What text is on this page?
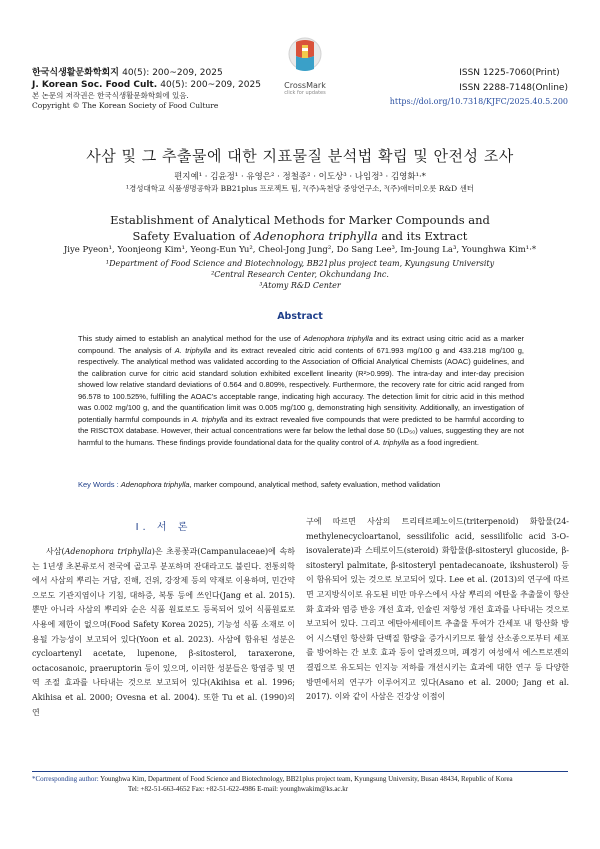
한국식생활문화학회지 40(5): 200~209, 2025
J. Korean Soc. Food Cult. 40(5): 200~209, 2025
본 논문의 저작권은 한국식생활문화학회에 있음.
Copyright © The Korean Society of Food Culture
CrossMark
click for updates
ISSN 1225-7060(Print)
ISSN 2288-7148(Online)
https://doi.org/10.7318/KJFC/2025.40.5.200
사삼 및 그 추출물에 대한 지표물질 분석법 확립 및 안전성 조사
편지예¹ · 김윤정¹ · 유영은² · 정철종² · 이도상³ · 나임정³ · 김영화¹·*
¹경성대학교 식품생명공학과 BB21plus 프로젝트 팀, ²(주)옥천당 중앙연구소, ³(주)애터미오롯 R&D 센터
Establishment of Analytical Methods for Marker Compounds and
Safety Evaluation of Adenophora triphylla and its Extract
Jiye Pyeon¹, Yoonjeong Kim¹, Yeong-Eun Yu², Cheol-Jong Jung², Do Sang Lee³, Im-Joung La³, Younghwa Kim¹·*
¹Department of Food Science and Biotechnology, BB21plus project team, Kyungsung University
²Central Research Center, Okchundang Inc.
³Atomy R&D Center
Abstract
This study aimed to establish an analytical method for the use of Adenophora triphylla and its extract using citric acid as a marker compound. The analysis of A. triphylla and its extract revealed citric acid contents of 671.993 mg/100 g and 433.218 mg/100 g, respectively. The analytical method was validated according to the Association of Official Analytical Chemists (AOAC) guidelines, and the calibration curve for citric acid standard solution exhibited excellent linearity (R²>0.999). The intra-day and inter-day precision showed low relative standard deviations of 0.564 and 0.809%, respectively. Furthermore, the recovery rate for citric acid ranged from 96.578 to 100.525%, fulfilling the AOAC's acceptable range, indicating high accuracy. The detection limit for citric acid in this method was 0.002 mg/100 g, and the quantification limit was 0.005 mg/100 g, demonstrating high sensitivity. Additionally, an investigation of potentially harmful compounds in A. triphylla and its extract revealed five compounds that were predicted to be harmful according to the RISCTOX database. However, their actual concentrations were far below the lethal dose 50 (LD₅₀) values, suggesting they are not harmful to the humans. These findings provide foundational data for the quality control of A. triphylla as a food ingredient.
Key Words : Adenophora triphylla, marker compound, analytical method, safety evaluation, method validation
I. 서 론

사삼(Adenophora triphylla)은 초롱꽃과(Campanulaceae)에 속하는 1년생 초본류로서 전국에 골고루 분포하며 잔대라고도 불린다. 전통의학에서 사삼의 뿌리는 거담, 진해, 건위, 강장제 등의 약재로 이용하며, 민간약으로도 기관지염이나 기침, 대하증, 복통 등에 쓰인다(Jang et al. 2015). 뿐만 아니라 사삼의 뿌리와 순은 식품 원료로도 등록되어 있어 식품원료로 사용에 제한이 없으며(Food Safety Korea 2025), 기능성 식품 소재로 이용될 가능성이 보고되어 있다(Yoon et al. 2023). 사삼에 함유된 성분은 cycloartenyl acetate, lupenone, β-sitosterol, taraxerone, octacosanoic, praeruptorin 등이 있으며, 이러한 성분들은 항염증 및 면역 조절 효과를 나타내는 것으로 보고되어 있다(Akihisa et al. 1996; Akihisa et al. 2000; Ovesna et al. 2004). 또한 Tu et al. (1990)의 연

구에 따르면 사삼의 트리테르페노이드(triterpenoid) 화합물(24-methylenecycloartanol, sessilifolic acid, sessilifolic acid 3-O-isovalerate)과 스테로이드(steroid) 화합물(β-sitosteryl glucoside, β-sitosteryl palmitate, β-sitosteryl pentadecanoate, ikshusterol) 등이 함유되어 있는 것으로 보고되어 있다. Lee et al. (2013)의 연구에 따르면 고지방식이로 유도된 비만 마우스에서 사삼 뿌리의 에탄올 추출물이 항산화 효과와 염증 반응 개선 효과, 인슐린 저항성 개선 효과를 나타내는 것으로 보고되어 있다. 그리고 에탄아세테이트 추출물 투여가 간세포 내 항산화 방어 시스템인 항산화 단백질 함량을 증가시키므로 활성 산소종으로부터 세포를 방어하는 간 보호 효과 등이 알려졌으며, 폐경기 여성에서 에스트로겐의 결핍으로 유도되는 인지능 저하를 개선시키는 효과에 대한 연구 등 다양한 방면에서의 연구가 이루어지고 있다(Asano et al. 2000; Jang et al. 2017). 이와 같이 사삼은 건강상 이점이

*Corresponding author: Younghwa Kim, Department of Food Science and Biotechnology, BB21plus project team, Kyungsung University, Busan 48434, Republic of Korea
Tel: +82-51-663-4652 Fax: +82-51-622-4986 E-mail: younghwakim@ks.ac.kr
